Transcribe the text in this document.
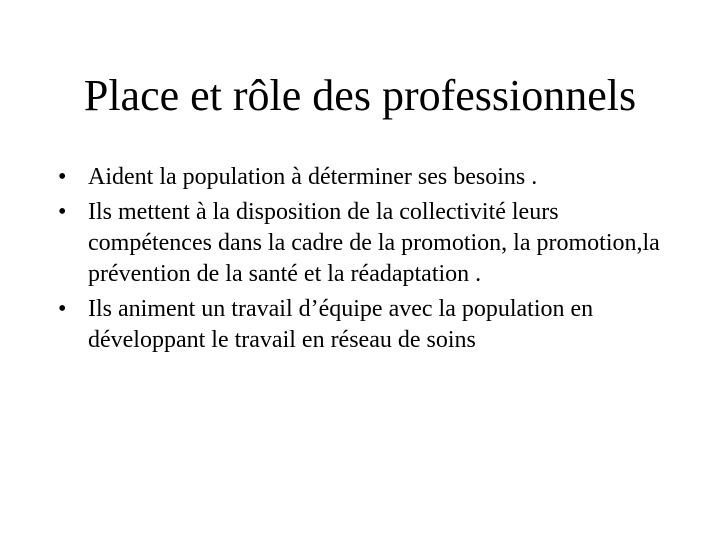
Place et rôle des professionnels
• Aident la population à déterminer ses besoins .
• Ils mettent à la disposition de la collectivité leurs compétences dans la cadre de la promotion, la promotion,la prévention de la santé et la réadaptation .
• Ils animent un travail d’équipe avec la population en développant le travail en réseau de soins
